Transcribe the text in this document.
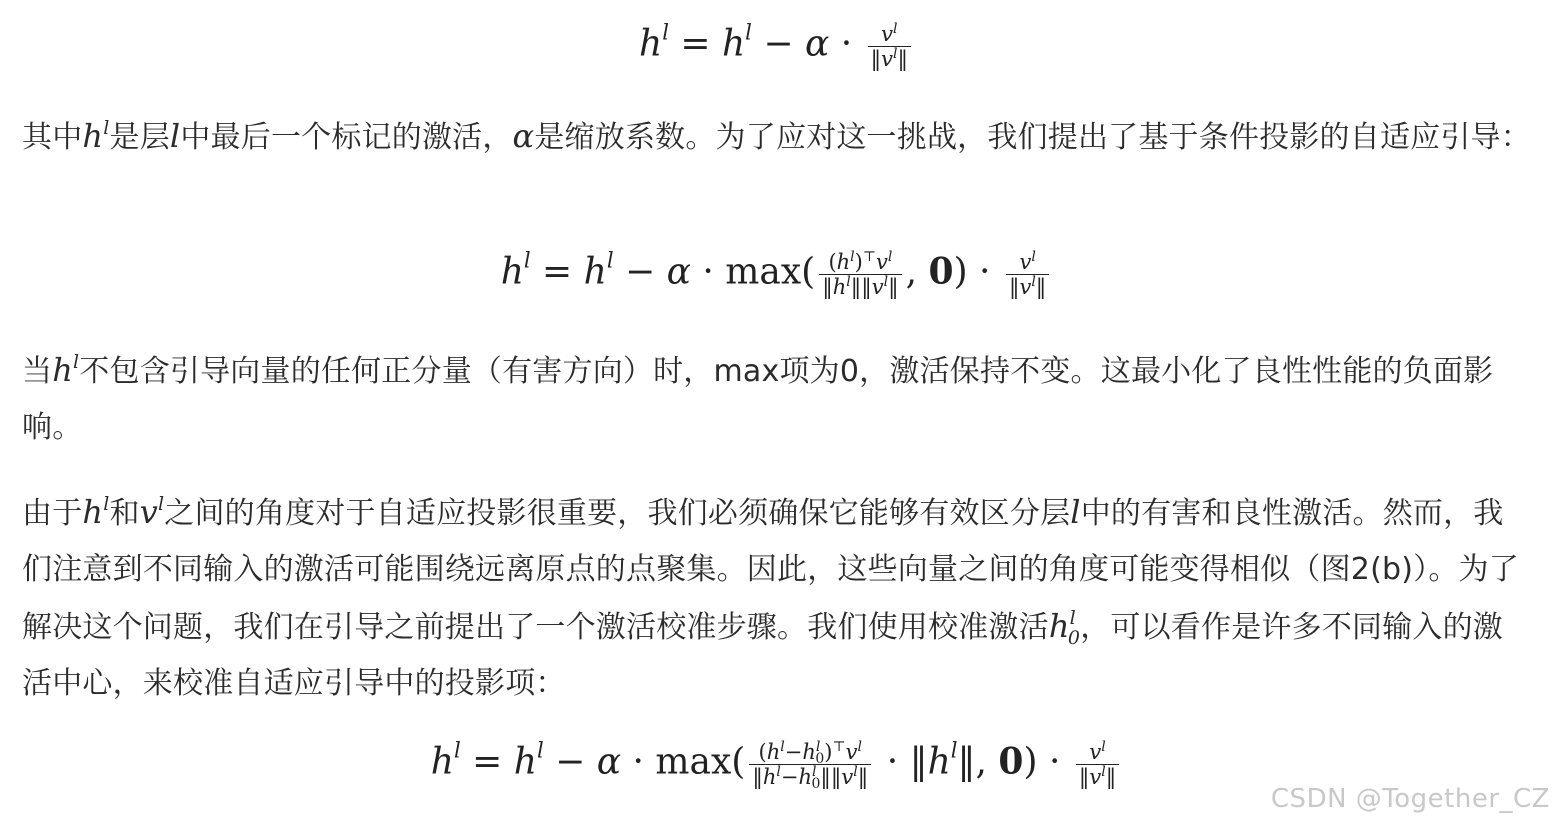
$h^l = h^l - \alpha \cdot \frac{v^l}{‖v^l‖}$

其中$h^l$是层l中最后一个标记的激活，α是缩放系数。为了应对这一挑战，我们提出了基于条件投影的自适应引导：

$h^l = h^l - \alpha \cdot \max( \frac{(h^l)^⊤v^l}{‖h^l‖‖v^l‖}$ , $0) \cdot \frac{v^l}{‖v^l‖}$

当$h^l$不包含引导向量的任何正分量（有害方向）时，max项为0，激活保持不变。这最小化了良性性能的负面影响。

由于$h^l$和$v^l$之间的角度对于自适应投影很重要，我们必须确保它能够有效区分层l中的有害和良性激活。然而，我们注意到不同输入的激活可能围绕远离原点的点聚集。因此，这些向量之间的角度可能变得相似（图2(b)）。为了解决这个问题，我们在引导之前提出了一个激活校准步骤。我们使用校准激活$h^l_0$，可以看作是许多不同输入的激活中心，来校准自适应引导中的投影项：

$h^l = h^l - \alpha \cdot \max( \frac{(h^l-h^l_0)^⊤v^l}{‖h^l-h^l_0‖‖v^l‖}$ · $‖h^l‖$, $0) \cdot \frac{v^l}{‖v^l‖}$
CSDN @Together_CZ
